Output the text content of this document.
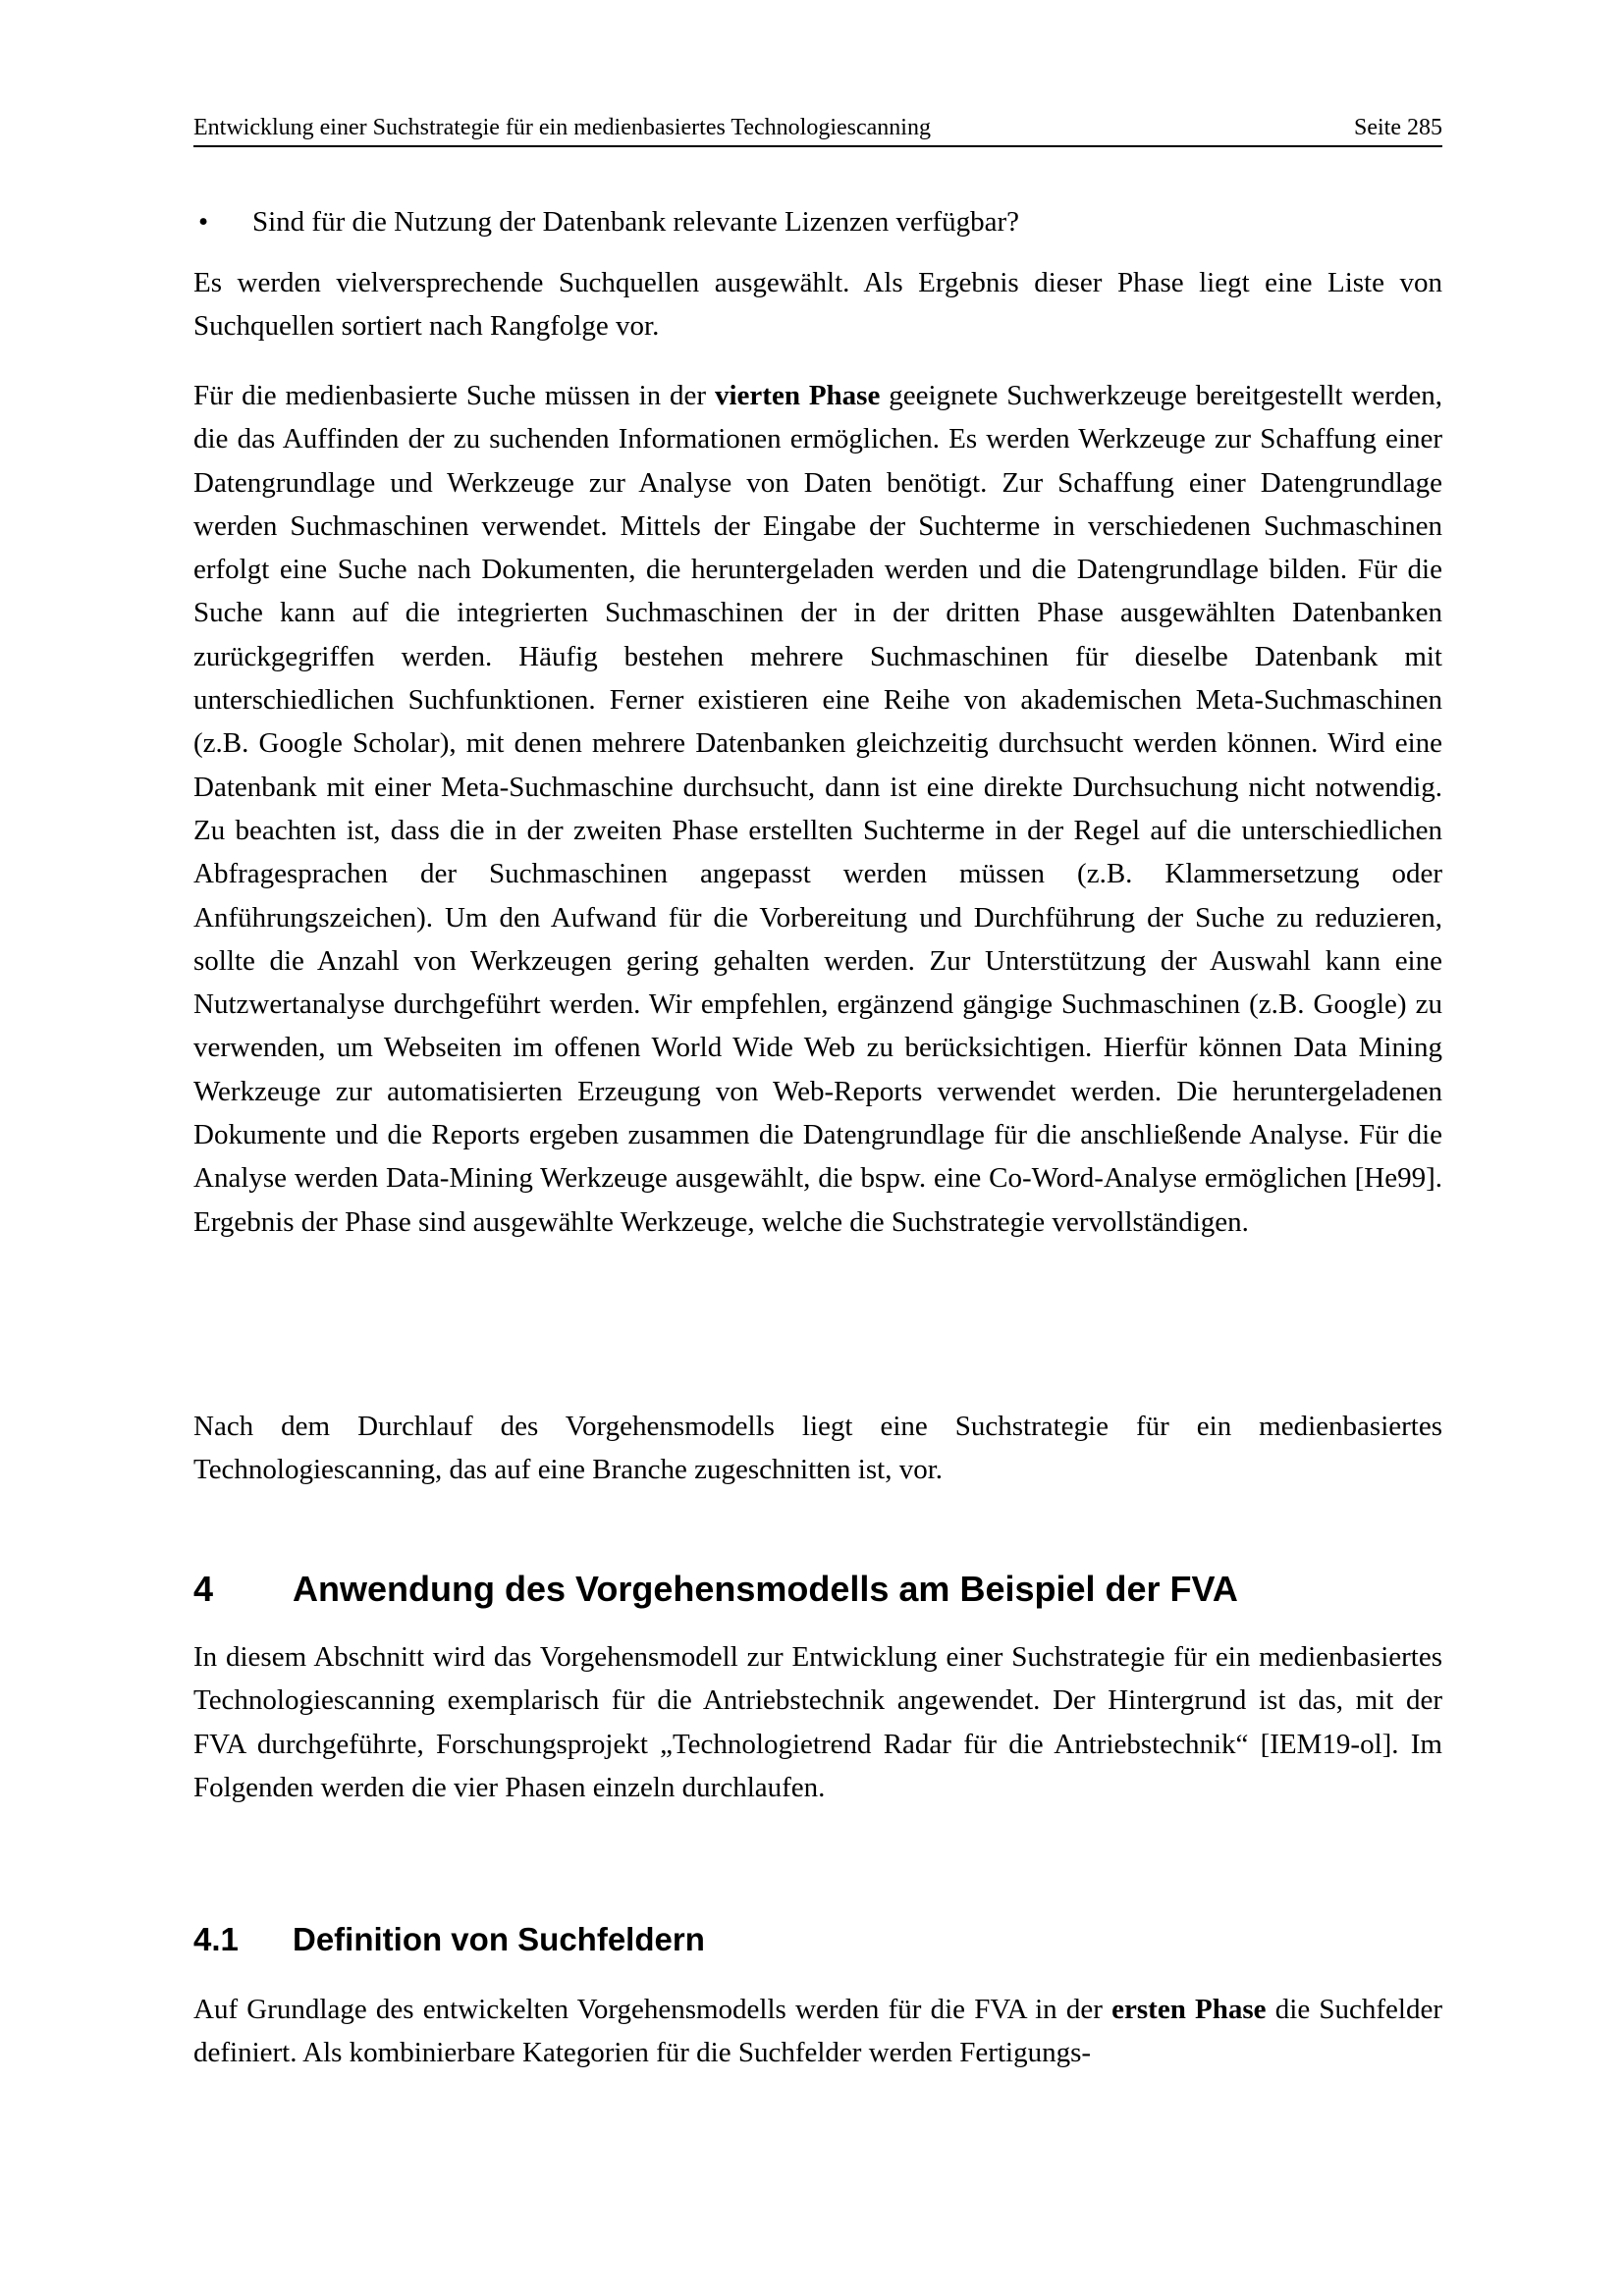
Entwicklung einer Suchstrategie für ein medienbasiertes Technologiescanning	Seite 285
• Sind für die Nutzung der Datenbank relevante Lizenzen verfügbar?

Es werden vielversprechende Suchquellen ausgewählt. Als Ergebnis dieser Phase liegt eine Liste von Suchquellen sortiert nach Rangfolge vor.

Für die medienbasierte Suche müssen in der vierten Phase geeignete Suchwerkzeuge bereitgestellt werden, die das Auffinden der zu suchenden Informationen ermöglichen. Es werden Werkzeuge zur Schaffung einer Datengrundlage und Werkzeuge zur Analyse von Daten benötigt. Zur Schaffung einer Datengrundlage werden Suchmaschinen verwendet. Mittels der Eingabe der Suchterme in verschiedenen Suchmaschinen erfolgt eine Suche nach Dokumenten, die heruntergeladen werden und die Datengrundlage bilden. Für die Suche kann auf die integrierten Suchmaschinen der in der dritten Phase ausgewählten Datenbanken zurückgegriffen werden. Häufig bestehen mehrere Suchmaschinen für dieselbe Datenbank mit unterschiedlichen Suchfunktionen. Ferner existieren eine Reihe von akademischen Meta-Suchmaschinen (z.B. Google Scholar), mit denen mehrere Datenbanken gleichzeitig durchsucht werden können. Wird eine Datenbank mit einer Meta-Suchmaschine durchsucht, dann ist eine direkte Durchsuchung nicht notwendig. Zu beachten ist, dass die in der zweiten Phase erstellten Suchterme in der Regel auf die unterschiedlichen Abfragesprachen der Suchmaschinen angepasst werden müssen (z.B. Klammersetzung oder Anführungszeichen). Um den Aufwand für die Vorbereitung und Durchführung der Suche zu reduzieren, sollte die Anzahl von Werkzeugen gering gehalten werden. Zur Unterstützung der Auswahl kann eine Nutzwertanalyse durchgeführt werden. Wir empfehlen, ergänzend gängige Suchmaschinen (z.B. Google) zu verwenden, um Webseiten im offenen World Wide Web zu berücksichtigen. Hierfür können Data Mining Werkzeuge zur automatisierten Erzeugung von Web-Reports verwendet werden. Die heruntergeladenen Dokumente und die Reports ergeben zusammen die Datengrundlage für die anschließende Analyse. Für die Analyse werden Data-Mining Werkzeuge ausgewählt, die bspw. eine Co-Word-Analyse ermöglichen [He99]. Ergebnis der Phase sind ausgewählte Werkzeuge, welche die Suchstrategie vervollständigen.

Nach dem Durchlauf des Vorgehensmodells liegt eine Suchstrategie für ein medienbasiertes Technologiescanning, das auf eine Branche zugeschnitten ist, vor.

4 Anwendung des Vorgehensmodells am Beispiel der FVA

In diesem Abschnitt wird das Vorgehensmodell zur Entwicklung einer Suchstrategie für ein medienbasiertes Technologiescanning exemplarisch für die Antriebstechnik angewendet. Der Hintergrund ist das, mit der FVA durchgeführte, Forschungsprojekt „Technologietrend Radar für die Antriebstechnik“ [IEM19-ol]. Im Folgenden werden die vier Phasen einzeln durchlaufen.

4.1 Definition von Suchfeldern

Auf Grundlage des entwickelten Vorgehensmodells werden für die FVA in der ersten Phase die Suchfelder definiert. Als kombinierbare Kategorien für die Suchfelder werden Fertigungs-
